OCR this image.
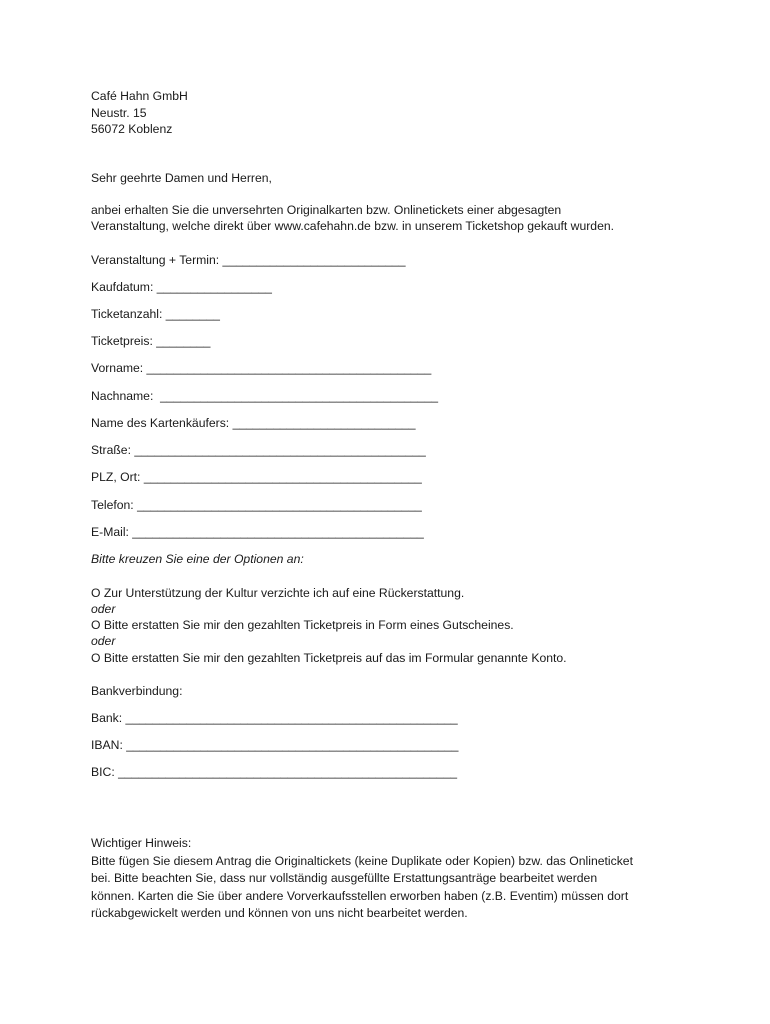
Café Hahn GmbH
Neustr. 15
56072 Koblenz
Sehr geehrte Damen und Herren,
anbei erhalten Sie die unversehrten Originalkarten bzw. Onlinetickets einer abgesagten
Veranstaltung, welche direkt über www.cafehahn.de bzw. in unserem Ticketshop gekauft wurden.
Veranstaltung + Termin: ___________________________
Kaufdatum: _________________
Ticketanzahl: ________
Ticketpreis: ________
Vorname: __________________________________________
Nachname:  _________________________________________
Name des Kartenkäufers: ___________________________
Straße: ___________________________________________
PLZ, Ort: _________________________________________
Telefon: __________________________________________
E-Mail: ___________________________________________
Bitte kreuzen Sie eine der Optionen an:
O Zur Unterstützung der Kultur verzichte ich auf eine Rückerstattung.
oder
O Bitte erstatten Sie mir den gezahlten Ticketpreis in Form eines Gutscheines.
oder
O Bitte erstatten Sie mir den gezahlten Ticketpreis auf das im Formular genannte Konto.
Bankverbindung:
Bank: _________________________________________________
IBAN: _________________________________________________
BIC: __________________________________________________
Wichtiger Hinweis:
Bitte fügen Sie diesem Antrag die Originaltickets (keine Duplikate oder Kopien) bzw. das Onlineticket
bei. Bitte beachten Sie, dass nur vollständig ausgefüllte Erstattungsanträge bearbeitet werden
können. Karten die Sie über andere Vorverkaufsstellen erworben haben (z.B. Eventim) müssen dort
rückabgewickelt werden und können von uns nicht bearbeitet werden.
